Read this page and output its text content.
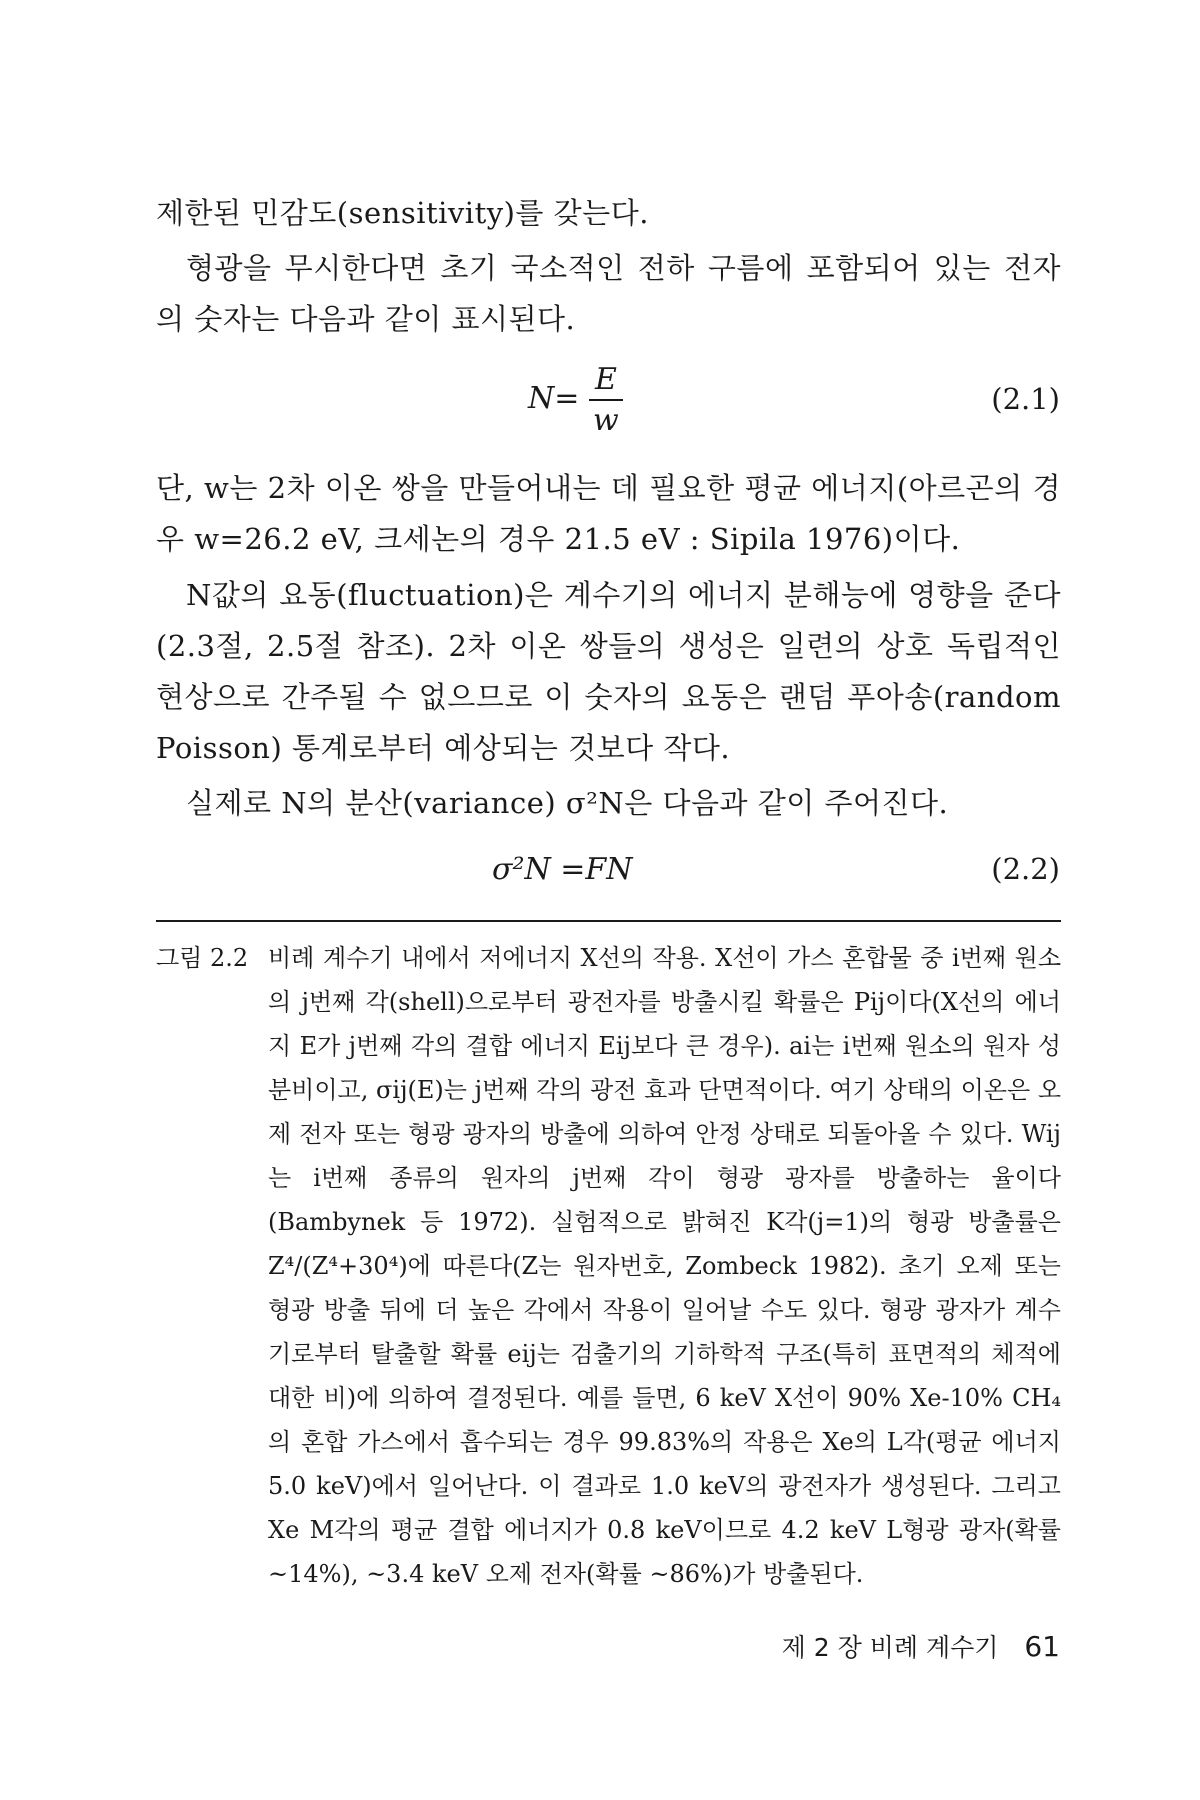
제한된 민감도(sensitivity)를 갖는다.

형광을 무시한다면 초기 국소적인 전하 구름에 포함되어 있는 전자의 숫자는 다음과 같이 표시된다.

$N= \frac{E}{w}$	(2.1)

단, w는 2차 이온 쌍을 만들어내는 데 필요한 평균 에너지(아르곤의 경우 w=26.2 eV, 크세논의 경우 21.5 eV : Sipila 1976)이다.

N값의 요동(fluctuation)은 계수기의 에너지 분해능에 영향을 준다(2.3절, 2.5절 참조). 2차 이온 쌍들의 생성은 일련의 상호 독립적인 현상으로 간주될 수 없으므로 이 숫자의 요동은 랜덤 푸아송(random Poisson) 통계로부터 예상되는 것보다 작다.

실제로 N의 분산(variance) σ²N은 다음과 같이 주어진다.

σ²N =FN	(2.2)
그림 2.2 비례 계수기 내에서 저에너지 X선의 작용. X선이 가스 혼합물 중 i번째 원소의 j번째 각(shell)으로부터 광전자를 방출시킬 확률은 Pij이다(X선의 에너지 E가 j번째 각의 결합 에너지 Eij보다 큰 경우). ai는 i번째 원소의 원자 성분비이고, σij(E)는 j번째 각의 광전 효과 단면적이다. 여기 상태의 이온은 오제 전자 또는 형광 광자의 방출에 의하여 안정 상태로 되돌아올 수 있다. Wij는 i번째 종류의 원자의 j번째 각이 형광 광자를 방출하는 율이다(Bambynek 등 1972). 실험적으로 밝혀진 K각(j=1)의 형광 방출률은 Z⁴/(Z⁴+30⁴)에 따른다(Z는 원자번호, Zombeck 1982). 초기 오제 또는 형광 방출 뒤에 더 높은 각에서 작용이 일어날 수도 있다. 형광 광자가 계수기로부터 탈출할 확률 eij는 검출기의 기하학적 구조(특히 표면적의 체적에 대한 비)에 의하여 결정된다. 예를 들면, 6 keV X선이 90% Xe-10% CH₄의 혼합 가스에서 흡수되는 경우 99.83%의 작용은 Xe의 L각(평균 에너지 5.0 keV)에서 일어난다. 이 결과로 1.0 keV의 광전자가 생성된다. 그리고 Xe M각의 평균 결합 에너지가 0.8 keV이므로 4.2 keV L형광 광자(확률 ~14%), ~3.4 keV 오제 전자(확률 ~86%)가 방출된다.

제 2 장 비례 계수기 61
